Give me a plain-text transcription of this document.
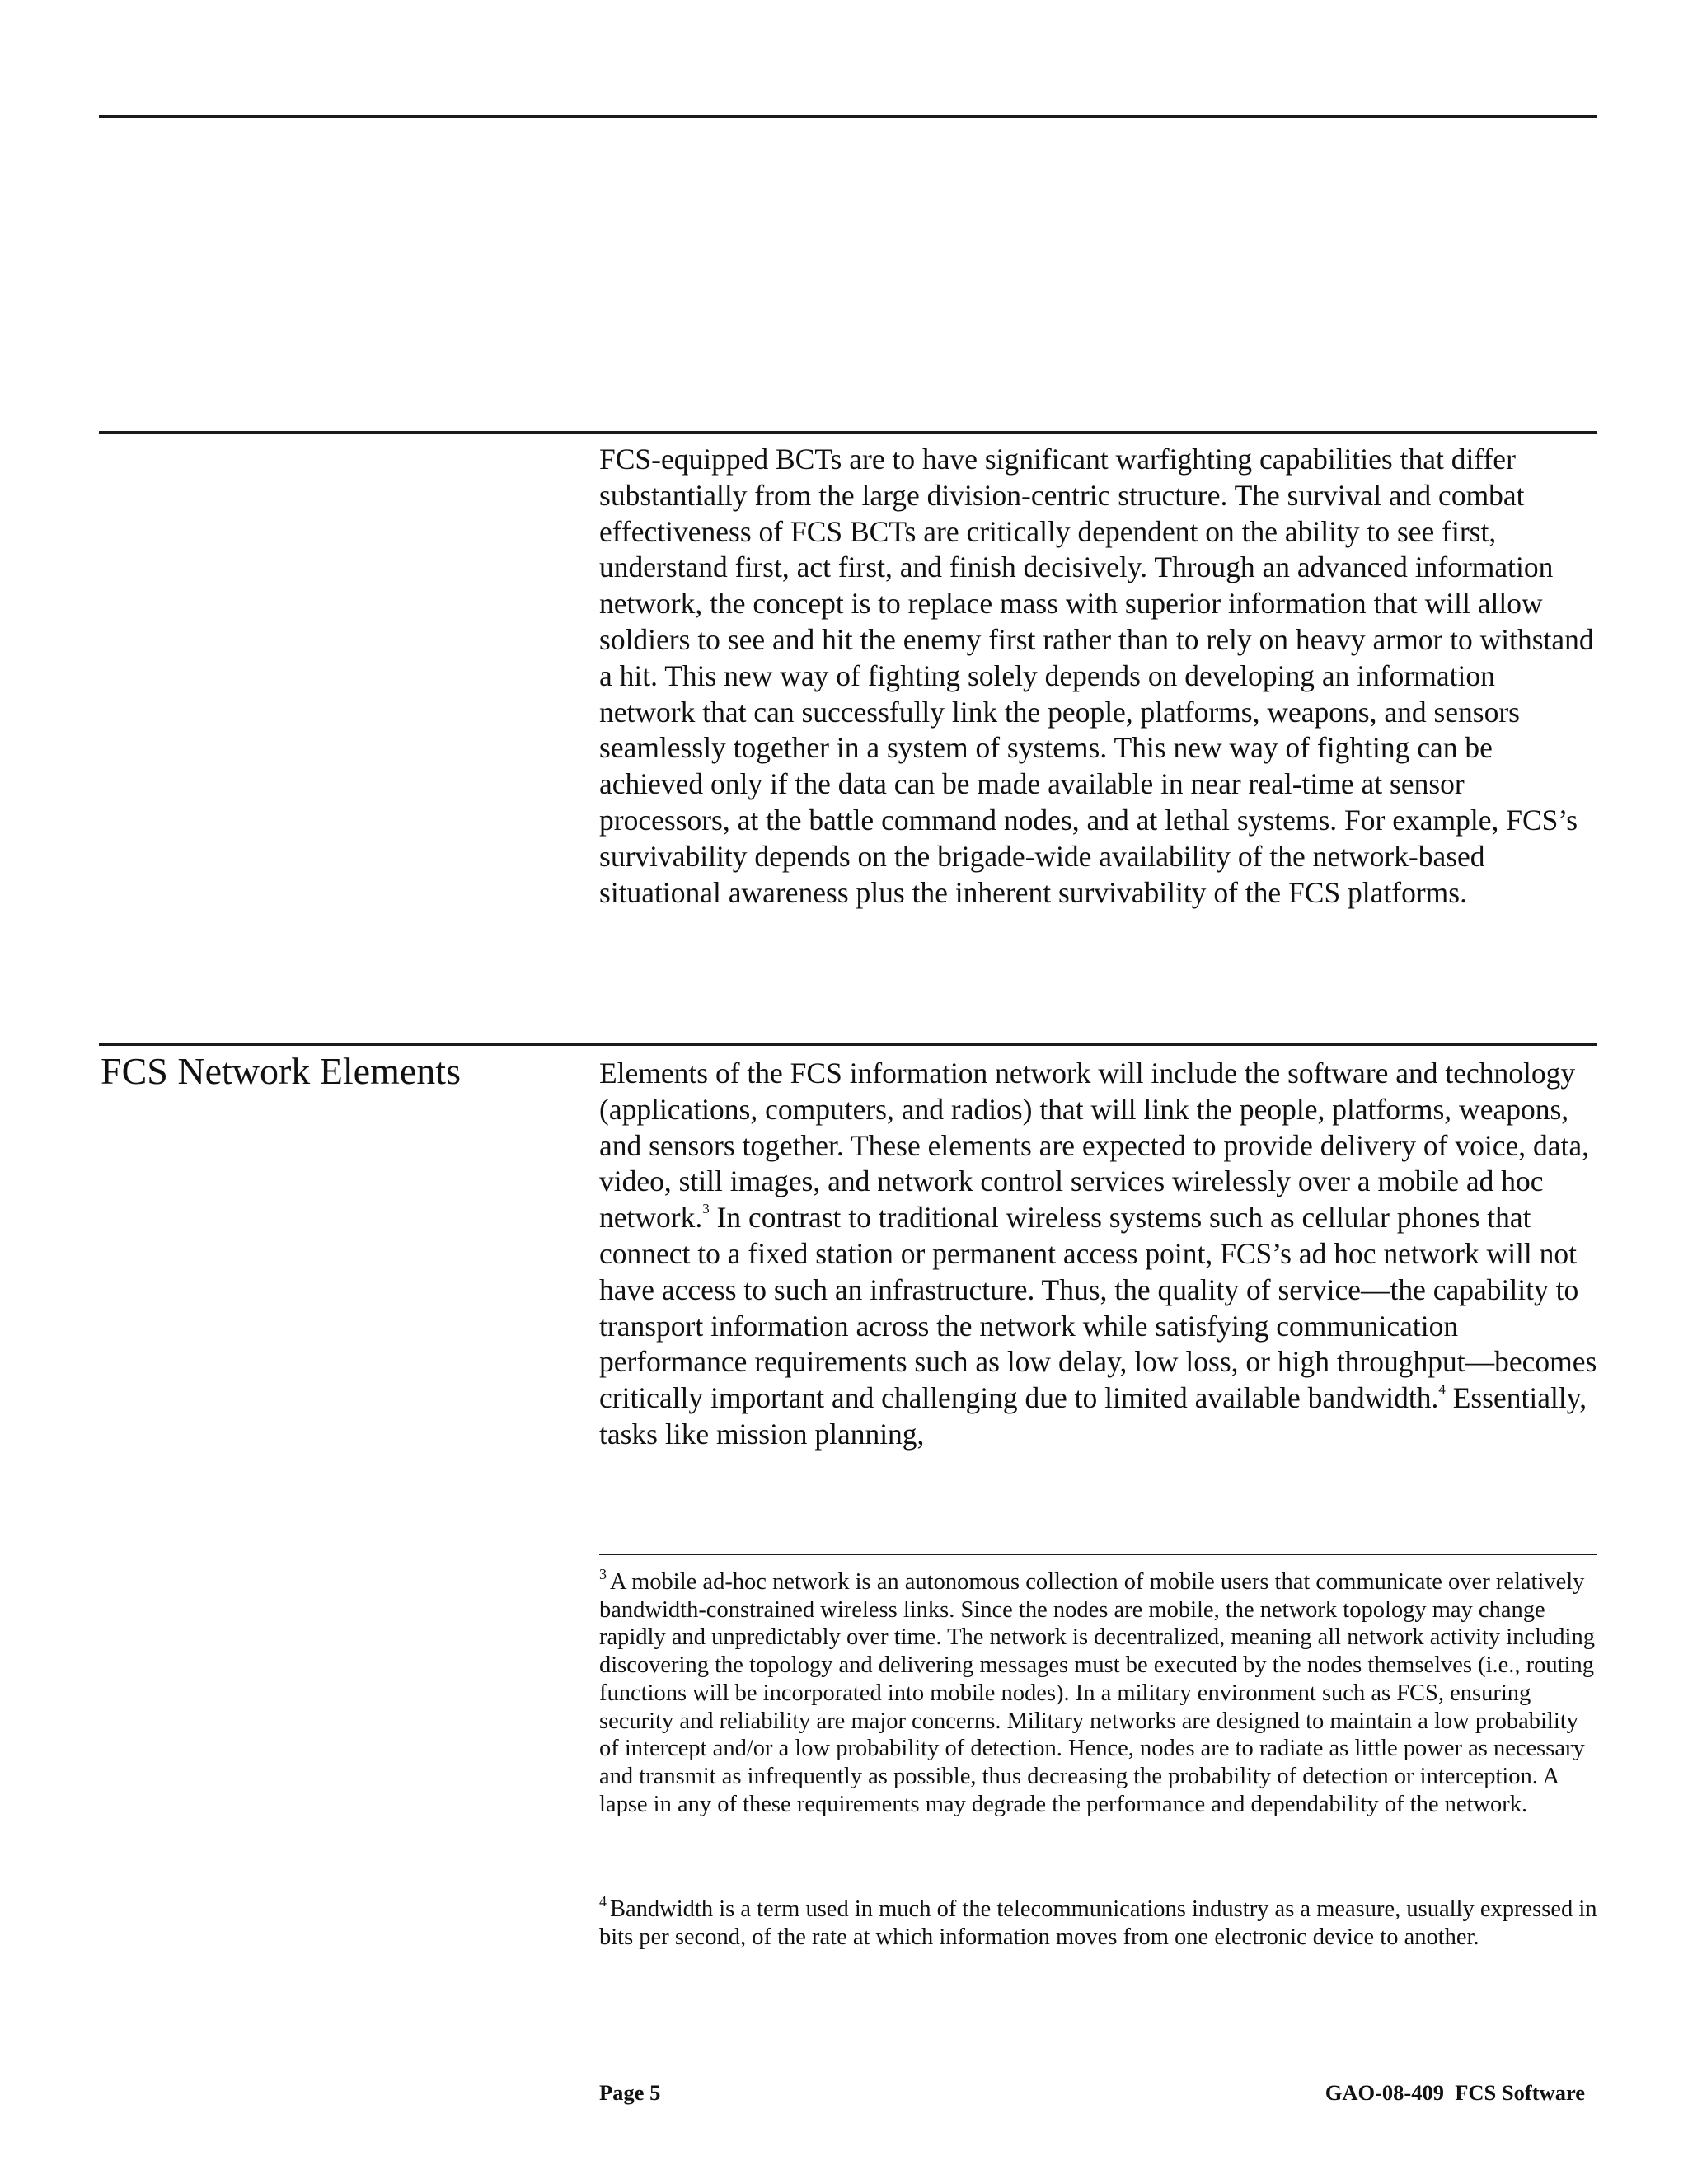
FCS-equipped BCTs are to have significant warfighting capabilities that differ substantially from the large division-centric structure. The survival and combat effectiveness of FCS BCTs are critically dependent on the ability to see first, understand first, act first, and finish decisively. Through an advanced information network, the concept is to replace mass with superior information that will allow soldiers to see and hit the enemy first rather than to rely on heavy armor to withstand a hit. This new way of fighting solely depends on developing an information network that can successfully link the people, platforms, weapons, and sensors seamlessly together in a system of systems. This new way of fighting can be achieved only if the data can be made available in near real-time at sensor processors, at the battle command nodes, and at lethal systems. For example, FCS’s survivability depends on the brigade-wide availability of the network-based situational awareness plus the inherent survivability of the FCS platforms.

FCS Network Elements	Elements of the FCS information network will include the software and technology (applications, computers, and radios) that will link the people, platforms, weapons, and sensors together. These elements are expected to provide delivery of voice, data, video, still images, and network control services wirelessly over a mobile ad hoc network.$^3$ In contrast to traditional wireless systems such as cellular phones that connect to a fixed station or permanent access point, FCS’s ad hoc network will not have access to such an infrastructure. Thus, the quality of service—the capability to transport information across the network while satisfying communication performance requirements such as low delay, low loss, or high throughput—becomes critically important and challenging due to limited available bandwidth.$^4$ Essentially, tasks like mission planning,

$^3$ A mobile ad-hoc network is an autonomous collection of mobile users that communicate over relatively bandwidth-constrained wireless links. Since the nodes are mobile, the network topology may change rapidly and unpredictably over time. The network is decentralized, meaning all network activity including discovering the topology and delivering messages must be executed by the nodes themselves (i.e., routing functions will be incorporated into mobile nodes). In a military environment such as FCS, ensuring security and reliability are major concerns. Military networks are designed to maintain a low probability of intercept and/or a low probability of detection. Hence, nodes are to radiate as little power as necessary and transmit as infrequently as possible, thus decreasing the probability of detection or interception. A lapse in any of these requirements may degrade the performance and dependability of the network.

$^4$ Bandwidth is a term used in much of the telecommunications industry as a measure, usually expressed in bits per second, of the rate at which information moves from one electronic device to another.

Page 5	GAO-08-409  FCS Software
